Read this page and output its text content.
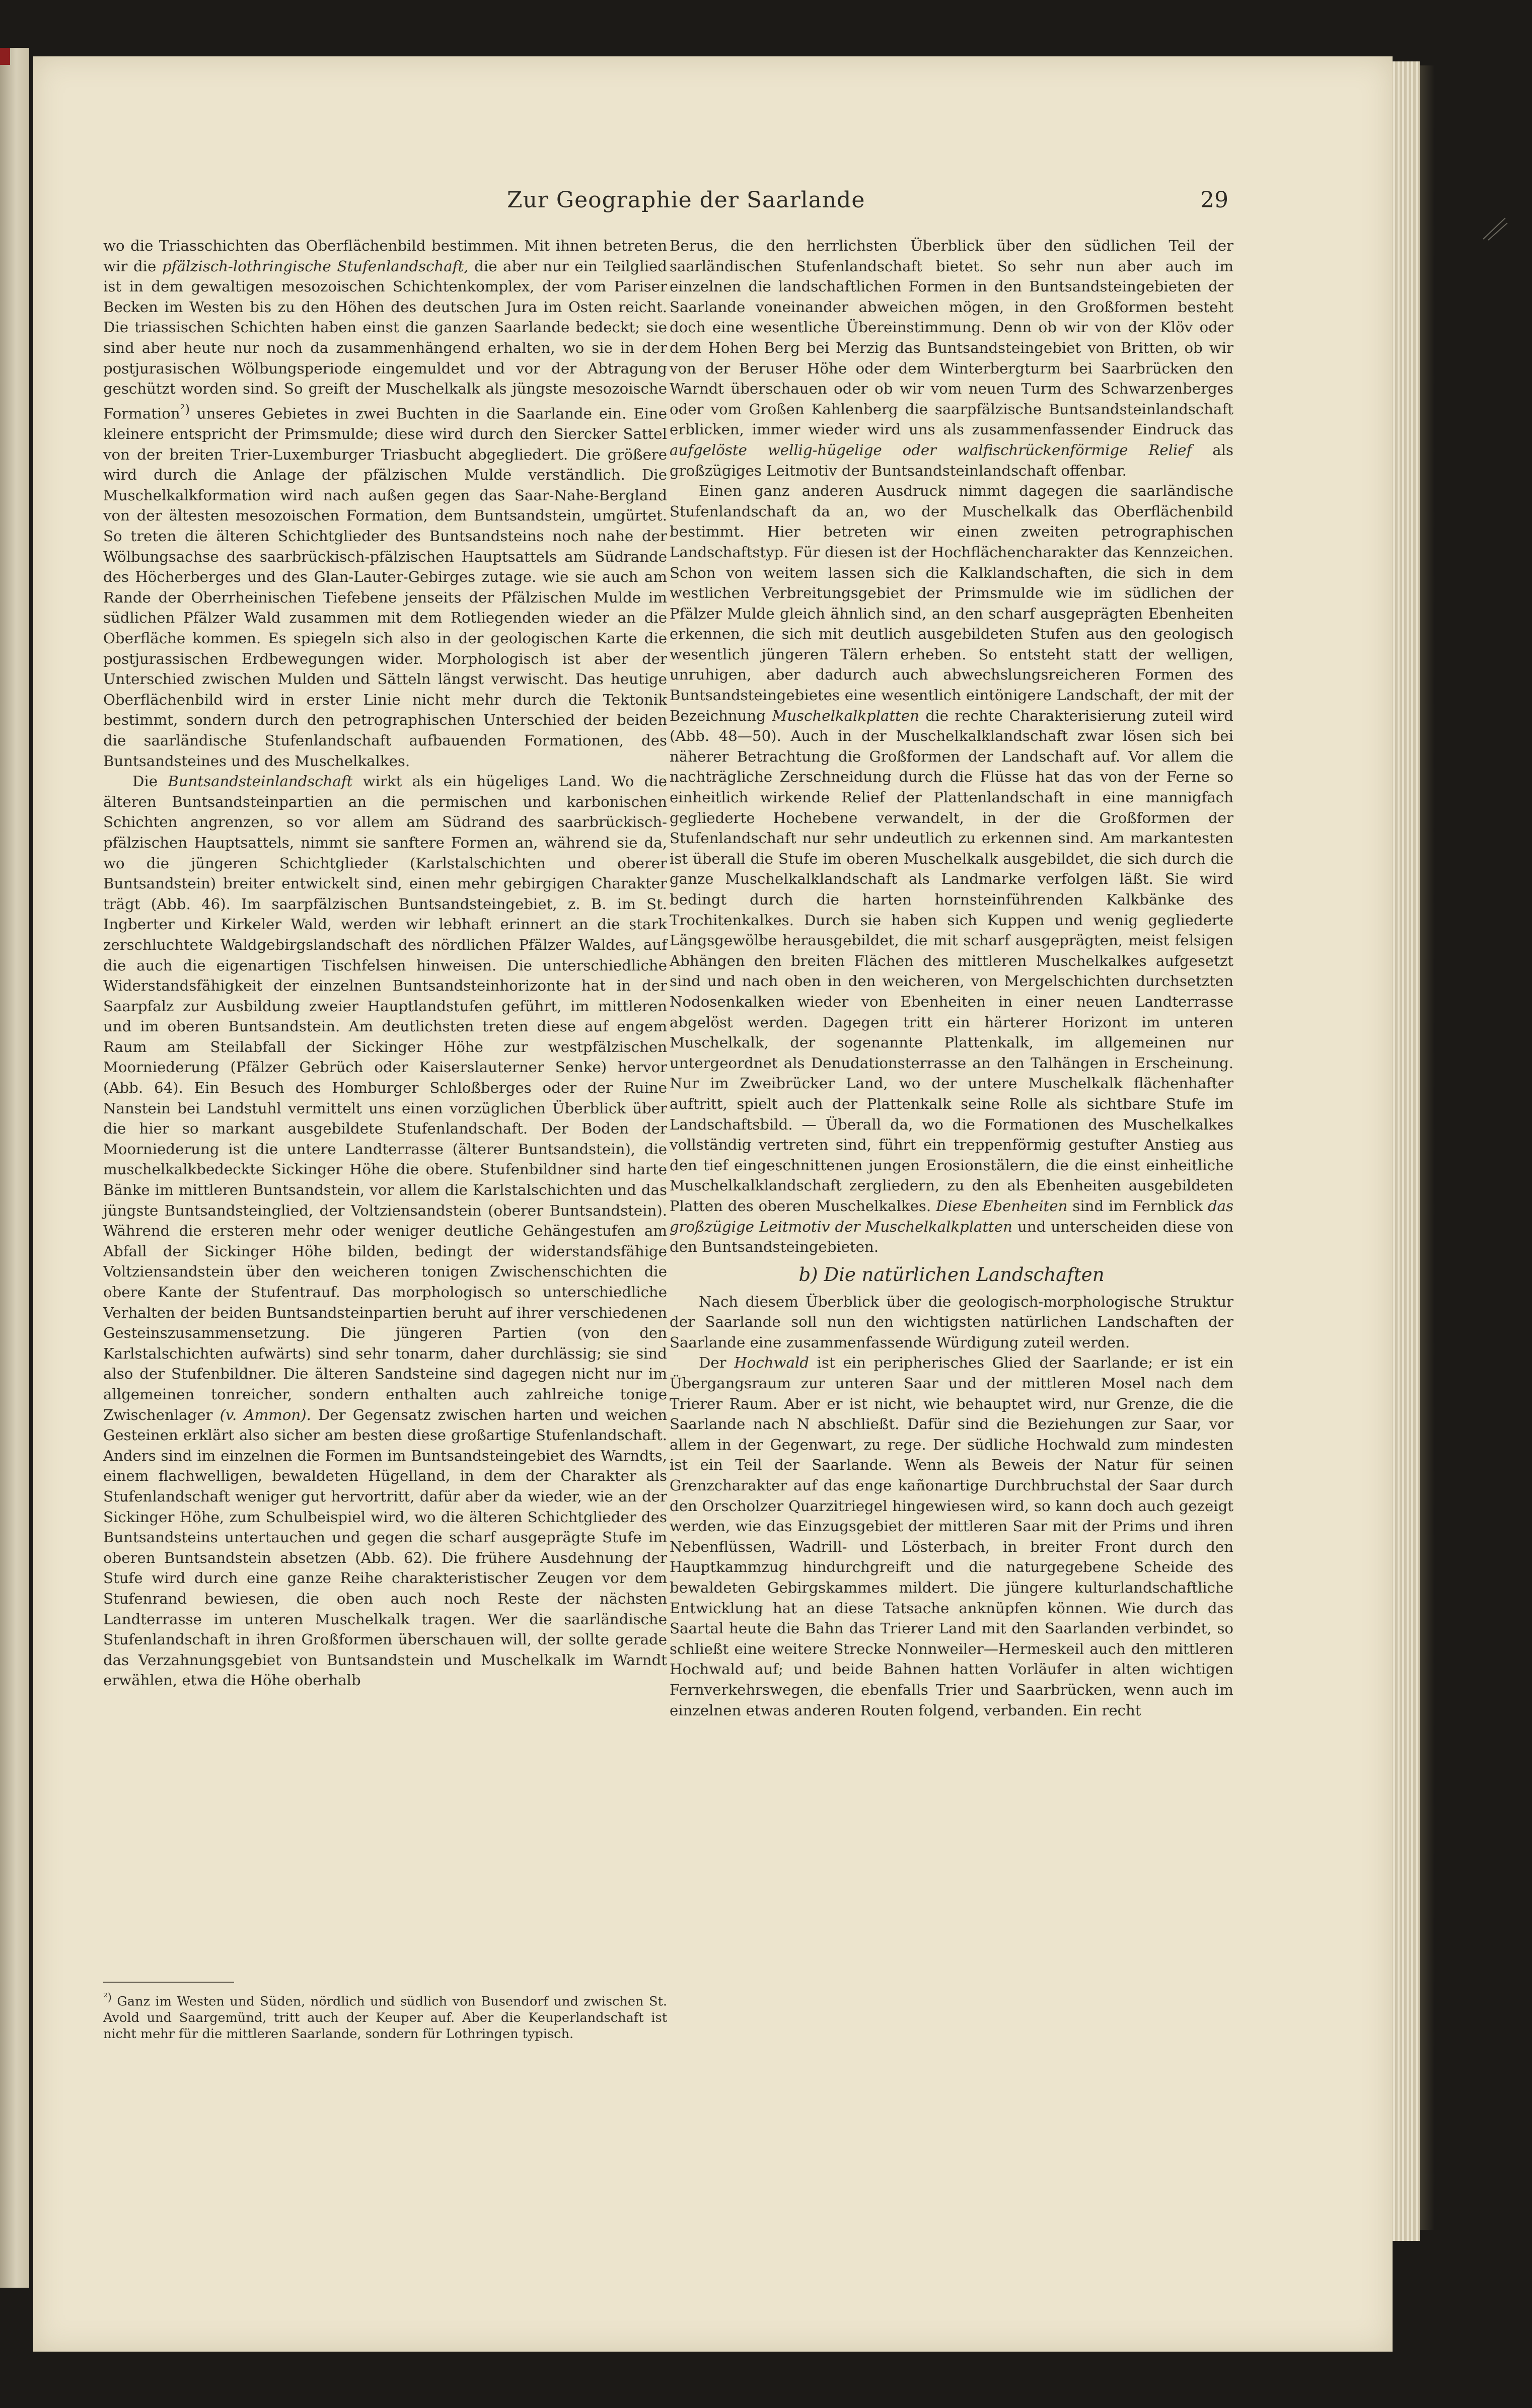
Zur Geographie der Saarlande	29

wo die Triasschichten das Oberflächenbild bestimmen. Mit ihnen betreten wir die pfälzisch-lothringische Stufenlandschaft, die aber nur ein Teilglied ist in dem gewaltigen mesozoischen Schichtenkomplex, der vom Pariser Becken im Westen bis zu den Höhen des deutschen Jura im Osten reicht. Die triassischen Schichten haben einst die ganzen Saarlande bedeckt; sie sind aber heute nur noch da zusammenhängend erhalten, wo sie in der postjurasischen Wölbungsperiode eingemuldet und vor der Abtragung geschützt worden sind. So greift der Muschelkalk als jüngste mesozoische Formation$^{^2)}$ unseres Gebietes in zwei Buchten in die Saarlande ein. Eine kleinere entspricht der Primsmulde; diese wird durch den Siercker Sattel von der breiten Trier-Luxemburger Triasbucht abgegliedert. Die größere wird durch die Anlage der pfälzischen Mulde verständlich. Die Muschelkalkformation wird nach außen gegen das Saar-Nahe-Bergland von der ältesten mesozoischen Formation, dem Buntsandstein, umgürtet. So treten die älteren Schichtglieder des Buntsandsteins noch nahe der Wölbungsachse des saarbrückisch-pfälzischen Hauptsattels am Südrande des Höcherberges und des Glan-Lauter-Gebirges zutage. wie sie auch am Rande der Oberrheinischen Tiefebene jenseits der Pfälzischen Mulde im südlichen Pfälzer Wald zusammen mit dem Rotliegenden wieder an die Oberfläche kommen. Es spiegeln sich also in der geologischen Karte die postjurassischen Erdbewegungen wider. Morphologisch ist aber der Unterschied zwischen Mulden und Sätteln längst verwischt. Das heutige Oberflächenbild wird in erster Linie nicht mehr durch die Tektonik bestimmt, sondern durch den petrographischen Unterschied der beiden die saarländische Stufenlandschaft aufbauenden Formationen, des Buntsandsteines und des Muschelkalkes.

Die Buntsandsteinlandschaft wirkt als ein hügeliges Land. Wo die älteren Buntsandsteinpartien an die permischen und karbonischen Schichten angrenzen, so vor allem am Südrand des saarbrückisch-pfälzischen Hauptsattels, nimmt sie sanftere Formen an, während sie da, wo die jüngeren Schichtglieder (Karlstalschichten und oberer Buntsandstein) breiter entwickelt sind, einen mehr gebirgigen Charakter trägt (Abb. 46). Im saarpfälzischen Buntsandsteingebiet, z. B. im St. Ingberter und Kirkeler Wald, werden wir lebhaft erinnert an die stark zerschluchtete Waldgebirgslandschaft des nördlichen Pfälzer Waldes, auf die auch die eigenartigen Tischfelsen hinweisen. Die unterschiedliche Widerstandsfähigkeit der einzelnen Buntsandsteinhorizonte hat in der Saarpfalz zur Ausbildung zweier Hauptlandstufen geführt, im mittleren und im oberen Buntsandstein. Am deutlichsten treten diese auf engem Raum am Steilabfall der Sickinger Höhe zur westpfälzischen Moorniederung (Pfälzer Gebrüch oder Kaiserslauterner Senke) hervor (Abb. 64). Ein Besuch des Homburger Schloßberges oder der Ruine Nanstein bei Landstuhl vermittelt uns einen vorzüglichen Überblick über die hier so markant ausgebildete Stufenlandschaft. Der Boden der Moorniederung ist die untere Landterrasse (älterer Buntsandstein), die muschelkalkbedeckte Sickinger Höhe die obere. Stufenbildner sind harte Bänke im mittleren Buntsandstein, vor allem die Karlstalschichten und das jüngste Buntsandsteinglied, der Voltziensandstein (oberer Buntsandstein). Während die ersteren mehr oder weniger deutliche Gehängestufen am Abfall der Sickinger Höhe bilden, bedingt der widerstandsfähige Voltziensandstein über den weicheren tonigen Zwischenschichten die obere Kante der Stufentrauf. Das morphologisch so unterschiedliche Verhalten der beiden Buntsandsteinpartien beruht auf ihrer verschiedenen Gesteinszusammensetzung. Die jüngeren Partien (von den Karlstalschichten aufwärts) sind sehr tonarm, daher durchlässig; sie sind also der Stufenbildner. Die älteren Sandsteine sind dagegen nicht nur im allgemeinen tonreicher, sondern enthalten auch zahlreiche tonige Zwischenlager (v. Ammon). Der Gegensatz zwischen harten und weichen Gesteinen erklärt also sicher am besten diese großartige Stufenlandschaft. Anders sind im einzelnen die Formen im Buntsandsteingebiet des Warndts, einem flachwelligen, bewaldeten Hügelland, in dem der Charakter als Stufenlandschaft weniger gut hervortritt, dafür aber da wieder, wie an der Sickinger Höhe, zum Schulbeispiel wird, wo die älteren Schichtglieder des Buntsandsteins untertauchen und gegen die scharf ausgeprägte Stufe im oberen Buntsandstein absetzen (Abb. 62). Die frühere Ausdehnung der Stufe wird durch eine ganze Reihe charakteristischer Zeugen vor dem Stufenrand bewiesen, die oben auch noch Reste der nächsten Landterrasse im unteren Muschelkalk tragen. Wer die saarländische Stufenlandschaft in ihren Großformen überschauen will, der sollte gerade das Verzahnungsgebiet von Buntsandstein und Muschelkalk im Warndt erwählen, etwa die Höhe oberhalb

$^{^2)}$ Ganz im Westen und Süden, nördlich und südlich von Busendorf und zwischen St. Avold und Saargemünd, tritt auch der Keuper auf. Aber die Keuperlandschaft ist nicht mehr für die mittleren Saarlande, sondern für Lothringen typisch.

Berus, die den herrlichsten Überblick über den südlichen Teil der saarländischen Stufenlandschaft bietet. So sehr nun aber auch im einzelnen die landschaftlichen Formen in den Buntsandsteingebieten der Saarlande voneinander abweichen mögen, in den Großformen besteht doch eine wesentliche Übereinstimmung. Denn ob wir von der Klöv oder dem Hohen Berg bei Merzig das Buntsandsteingebiet von Britten, ob wir von der Beruser Höhe oder dem Winterbergturm bei Saarbrücken den Warndt überschauen oder ob wir vom neuen Turm des Schwarzenberges oder vom Großen Kahlenberg die saarpfälzische Buntsandsteinlandschaft erblicken, immer wieder wird uns als zusammenfassender Eindruck das aufgelöste wellig-hügelige oder walfischrückenförmige Relief als großzügiges Leitmotiv der Buntsandsteinlandschaft offenbar.

Einen ganz anderen Ausdruck nimmt dagegen die saarländische Stufenlandschaft da an, wo der Muschelkalk das Oberflächenbild bestimmt. Hier betreten wir einen zweiten petrographischen Landschaftstyp. Für diesen ist der Hochflächencharakter das Kennzeichen. Schon von weitem lassen sich die Kalklandschaften, die sich in dem westlichen Verbreitungsgebiet der Primsmulde wie im südlichen der Pfälzer Mulde gleich ähnlich sind, an den scharf ausgeprägten Ebenheiten erkennen, die sich mit deutlich ausgebildeten Stufen aus den geologisch wesentlich jüngeren Tälern erheben. So entsteht statt der welligen, unruhigen, aber dadurch auch abwechslungsreicheren Formen des Buntsandsteingebietes eine wesentlich eintönigere Landschaft, der mit der Bezeichnung Muschelkalkplatten die rechte Charakterisierung zuteil wird (Abb. 48—50). Auch in der Muschelkalklandschaft zwar lösen sich bei näherer Betrachtung die Großformen der Landschaft auf. Vor allem die nachträgliche Zerschneidung durch die Flüsse hat das von der Ferne so einheitlich wirkende Relief der Plattenlandschaft in eine mannigfach gegliederte Hochebene verwandelt, in der die Großformen der Stufenlandschaft nur sehr undeutlich zu erkennen sind. Am markantesten ist überall die Stufe im oberen Muschelkalk ausgebildet, die sich durch die ganze Muschelkalklandschaft als Landmarke verfolgen läßt. Sie wird bedingt durch die harten hornsteinführenden Kalkbänke des Trochitenkalkes. Durch sie haben sich Kuppen und wenig gegliederte Längsgewölbe herausgebildet, die mit scharf ausgeprägten, meist felsigen Abhängen den breiten Flächen des mittleren Muschelkalkes aufgesetzt sind und nach oben in den weicheren, von Mergelschichten durchsetzten Nodosenkalken wieder von Ebenheiten in einer neuen Landterrasse abgelöst werden. Dagegen tritt ein härterer Horizont im unteren Muschelkalk, der sogenannte Plattenkalk, im allgemeinen nur untergeordnet als Denudationsterrasse an den Talhängen in Erscheinung. Nur im Zweibrücker Land, wo der untere Muschelkalk flächenhafter auftritt, spielt auch der Plattenkalk seine Rolle als sichtbare Stufe im Landschaftsbild. — Überall da, wo die Formationen des Muschelkalkes vollständig vertreten sind, führt ein treppenförmig gestufter Anstieg aus den tief eingeschnittenen jungen Erosionstälern, die die einst einheitliche Muschelkalklandschaft zergliedern, zu den als Ebenheiten ausgebildeten Platten des oberen Muschelkalkes. Diese Ebenheiten sind im Fernblick das großzügige Leitmotiv der Muschelkalkplatten und unterscheiden diese von den Buntsandsteingebieten.

b) Die natürlichen Landschaften

Nach diesem Überblick über die geologisch-morphologische Struktur der Saarlande soll nun den wichtigsten natürlichen Landschaften der Saarlande eine zusammenfassende Würdigung zuteil werden.

Der Hochwald ist ein peripherisches Glied der Saarlande; er ist ein Übergangsraum zur unteren Saar und der mittleren Mosel nach dem Trierer Raum. Aber er ist nicht, wie behauptet wird, nur Grenze, die die Saarlande nach N abschließt. Dafür sind die Beziehungen zur Saar, vor allem in der Gegenwart, zu rege. Der südliche Hochwald zum mindesten ist ein Teil der Saarlande. Wenn als Beweis der Natur für seinen Grenzcharakter auf das enge kañonartige Durchbruchstal der Saar durch den Orscholzer Quarzitriegel hingewiesen wird, so kann doch auch gezeigt werden, wie das Einzugsgebiet der mittleren Saar mit der Prims und ihren Nebenflüssen, Wadrill- und Lösterbach, in breiter Front durch den Hauptkammzug hindurchgreift und die naturgegebene Scheide des bewaldeten Gebirgskammes mildert. Die jüngere kulturlandschaftliche Entwicklung hat an diese Tatsache anknüpfen können. Wie durch das Saartal heute die Bahn das Trierer Land mit den Saarlanden verbindet, so schließt eine weitere Strecke Nonnweiler—Hermeskeil auch den mittleren Hochwald auf; und beide Bahnen hatten Vorläufer in alten wichtigen Fernverkehrswegen, die ebenfalls Trier und Saarbrücken, wenn auch im einzelnen etwas anderen Routen folgend, verbanden. Ein recht
